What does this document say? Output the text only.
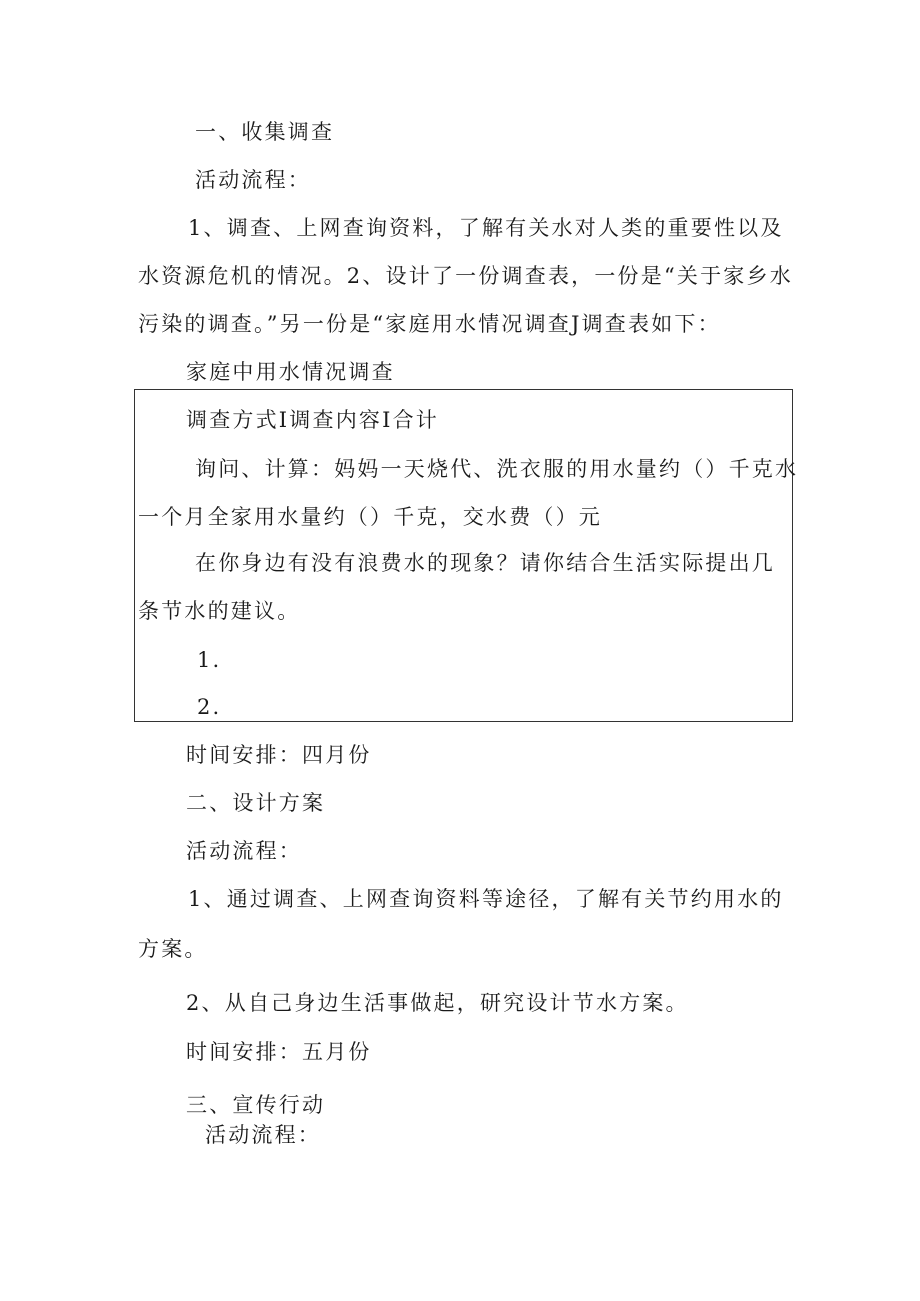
一、收集调查
活动流程：
1、调查、上网查询资料，了解有关水对人类的重要性以及
水资源危机的情况。2、设计了一份调查表，一份是“关于家乡水
污染的调查。”另一份是“家庭用水情况调查J调查表如下：
家庭中用水情况调查
调查方式I调查内容I合计
询问、计算：妈妈一天烧代、洗衣服的用水量约（）千克水
一个月全家用水量约（）千克，交水费（）元
在你身边有没有浪费水的现象？请你结合生活实际提出几
条节水的建议。
1.
2.
时间安排：四月份
二、设计方案
活动流程：
1、通过调查、上网查询资料等途径，了解有关节约用水的
方案。
2、从自己身边生活事做起，研究设计节水方案。
时间安排：五月份
三、宣传行动
活动流程：
